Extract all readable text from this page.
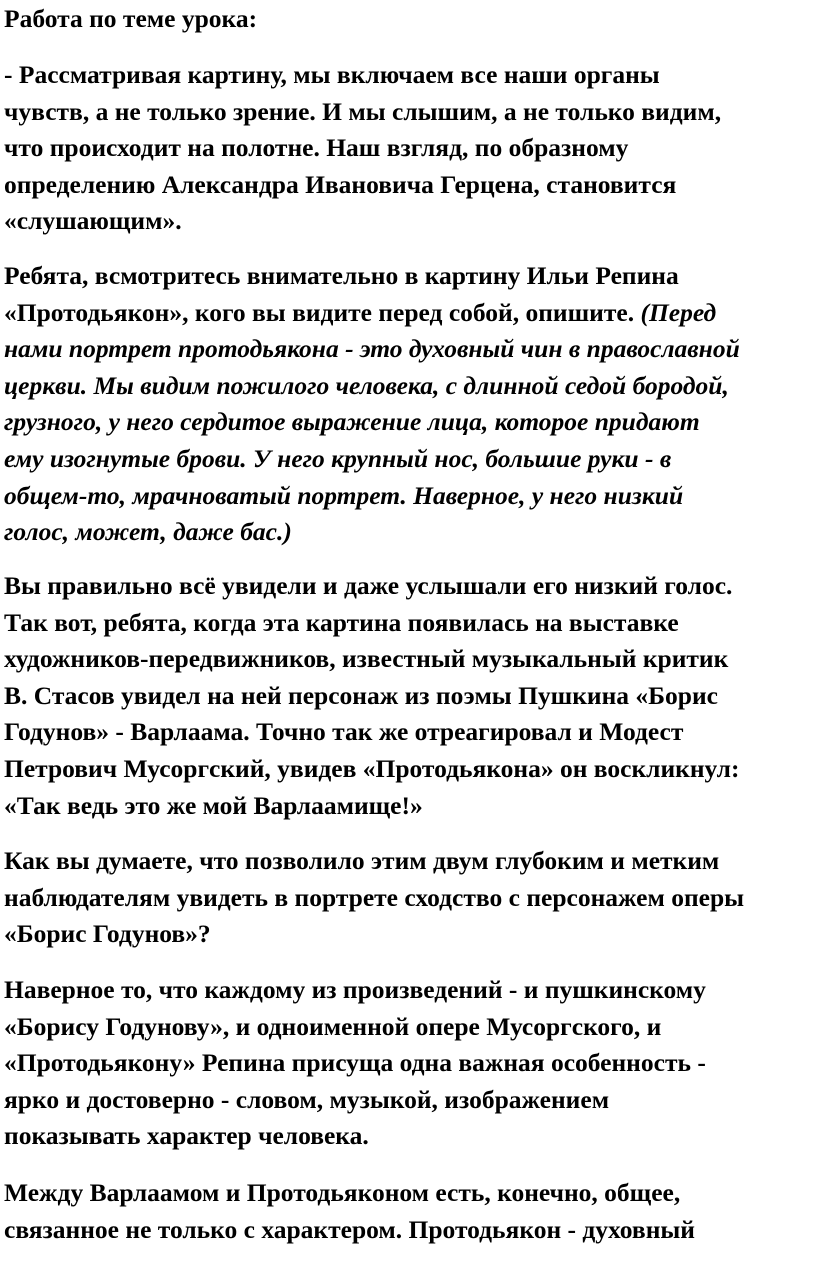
Работа по теме урока:

- Рассматривая картину, мы включаем все наши органы
чувств, а не только зрение. И мы слышим, а не только видим,
что происходит на полотне. Наш взгляд, по образному
определению Александра Ивановича Герцена, становится
«слушающим».

Ребята, всмотритесь внимательно в картину Ильи Репина
«Протодьякон», кого вы видите перед собой, опишите. (Перед
нами портрет протодьякона - это духовный чин в православной
церкви. Мы видим пожилого человека, с длинной седой бородой,
грузного, у него сердитое выражение лица, которое придают
ему изогнутые брови. У него крупный нос, большие руки - в
общем-то, мрачноватый портрет. Наверное, у него низкий
голос, может, даже бас.)

Вы правильно всё увидели и даже услышали его низкий голос.
Так вот, ребята, когда эта картина появилась на выставке
художников-передвижников, известный музыкальный критик
В. Стасов увидел на ней персонаж из поэмы Пушкина «Борис
Годунов» - Варлаама. Точно так же отреагировал и Модест
Петрович Мусоргский, увидев «Протодьякона» он воскликнул:
«Так ведь это же мой Варлаамище!»

Как вы думаете, что позволило этим двум глубоким и метким
наблюдателям увидеть в портрете сходство с персонажем оперы
«Борис Годунов»?

Наверное то, что каждому из произведений - и пушкинскому
«Борису Годунову», и одноименной опере Мусоргского, и
«Протодьякону» Репина присуща одна важная особенность -
ярко и достоверно - словом, музыкой, изображением
показывать характер человека.

Между Варлаамом и Протодьяконом есть, конечно, общее,
связанное не только с характером. Протодьякон - духовный
